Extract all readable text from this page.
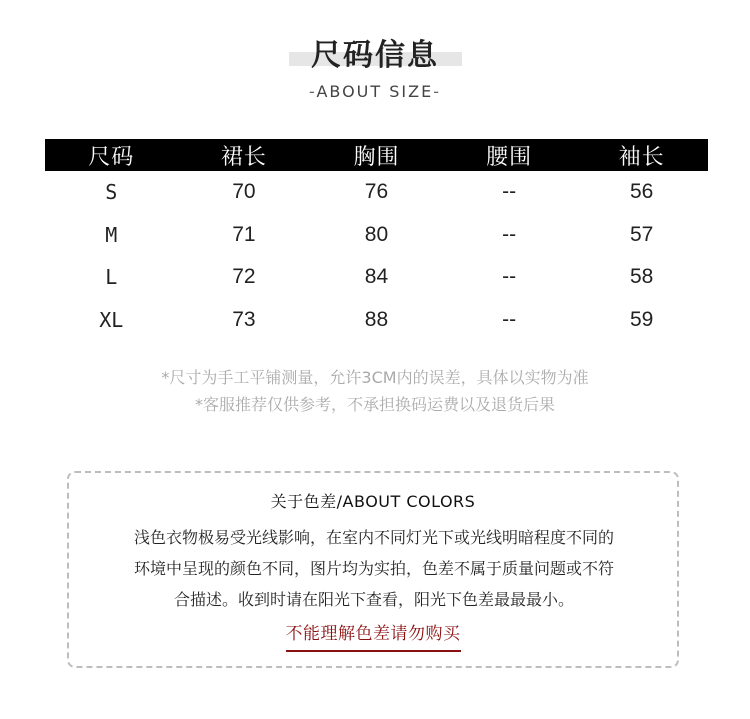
尺码信息
-ABOUT SIZE-
尺码	裙长	胸围	腰围	袖长
S	70	76	--	56
M	71	80	--	57
L	72	84	--	58
XL	73	88	--	59
*尺寸为手工平铺测量，允许3CM内的误差，具体以实物为准
*客服推荐仅供参考，不承担换码运费以及退货后果
关于色差/ABOUT COLORS
浅色衣物极易受光线影响，在室内不同灯光下或光线明暗程度不同的
环境中呈现的颜色不同，图片均为实拍，色差不属于质量问题或不符
合描述。收到时请在阳光下查看，阳光下色差最最最小。
不能理解色差请勿购买
